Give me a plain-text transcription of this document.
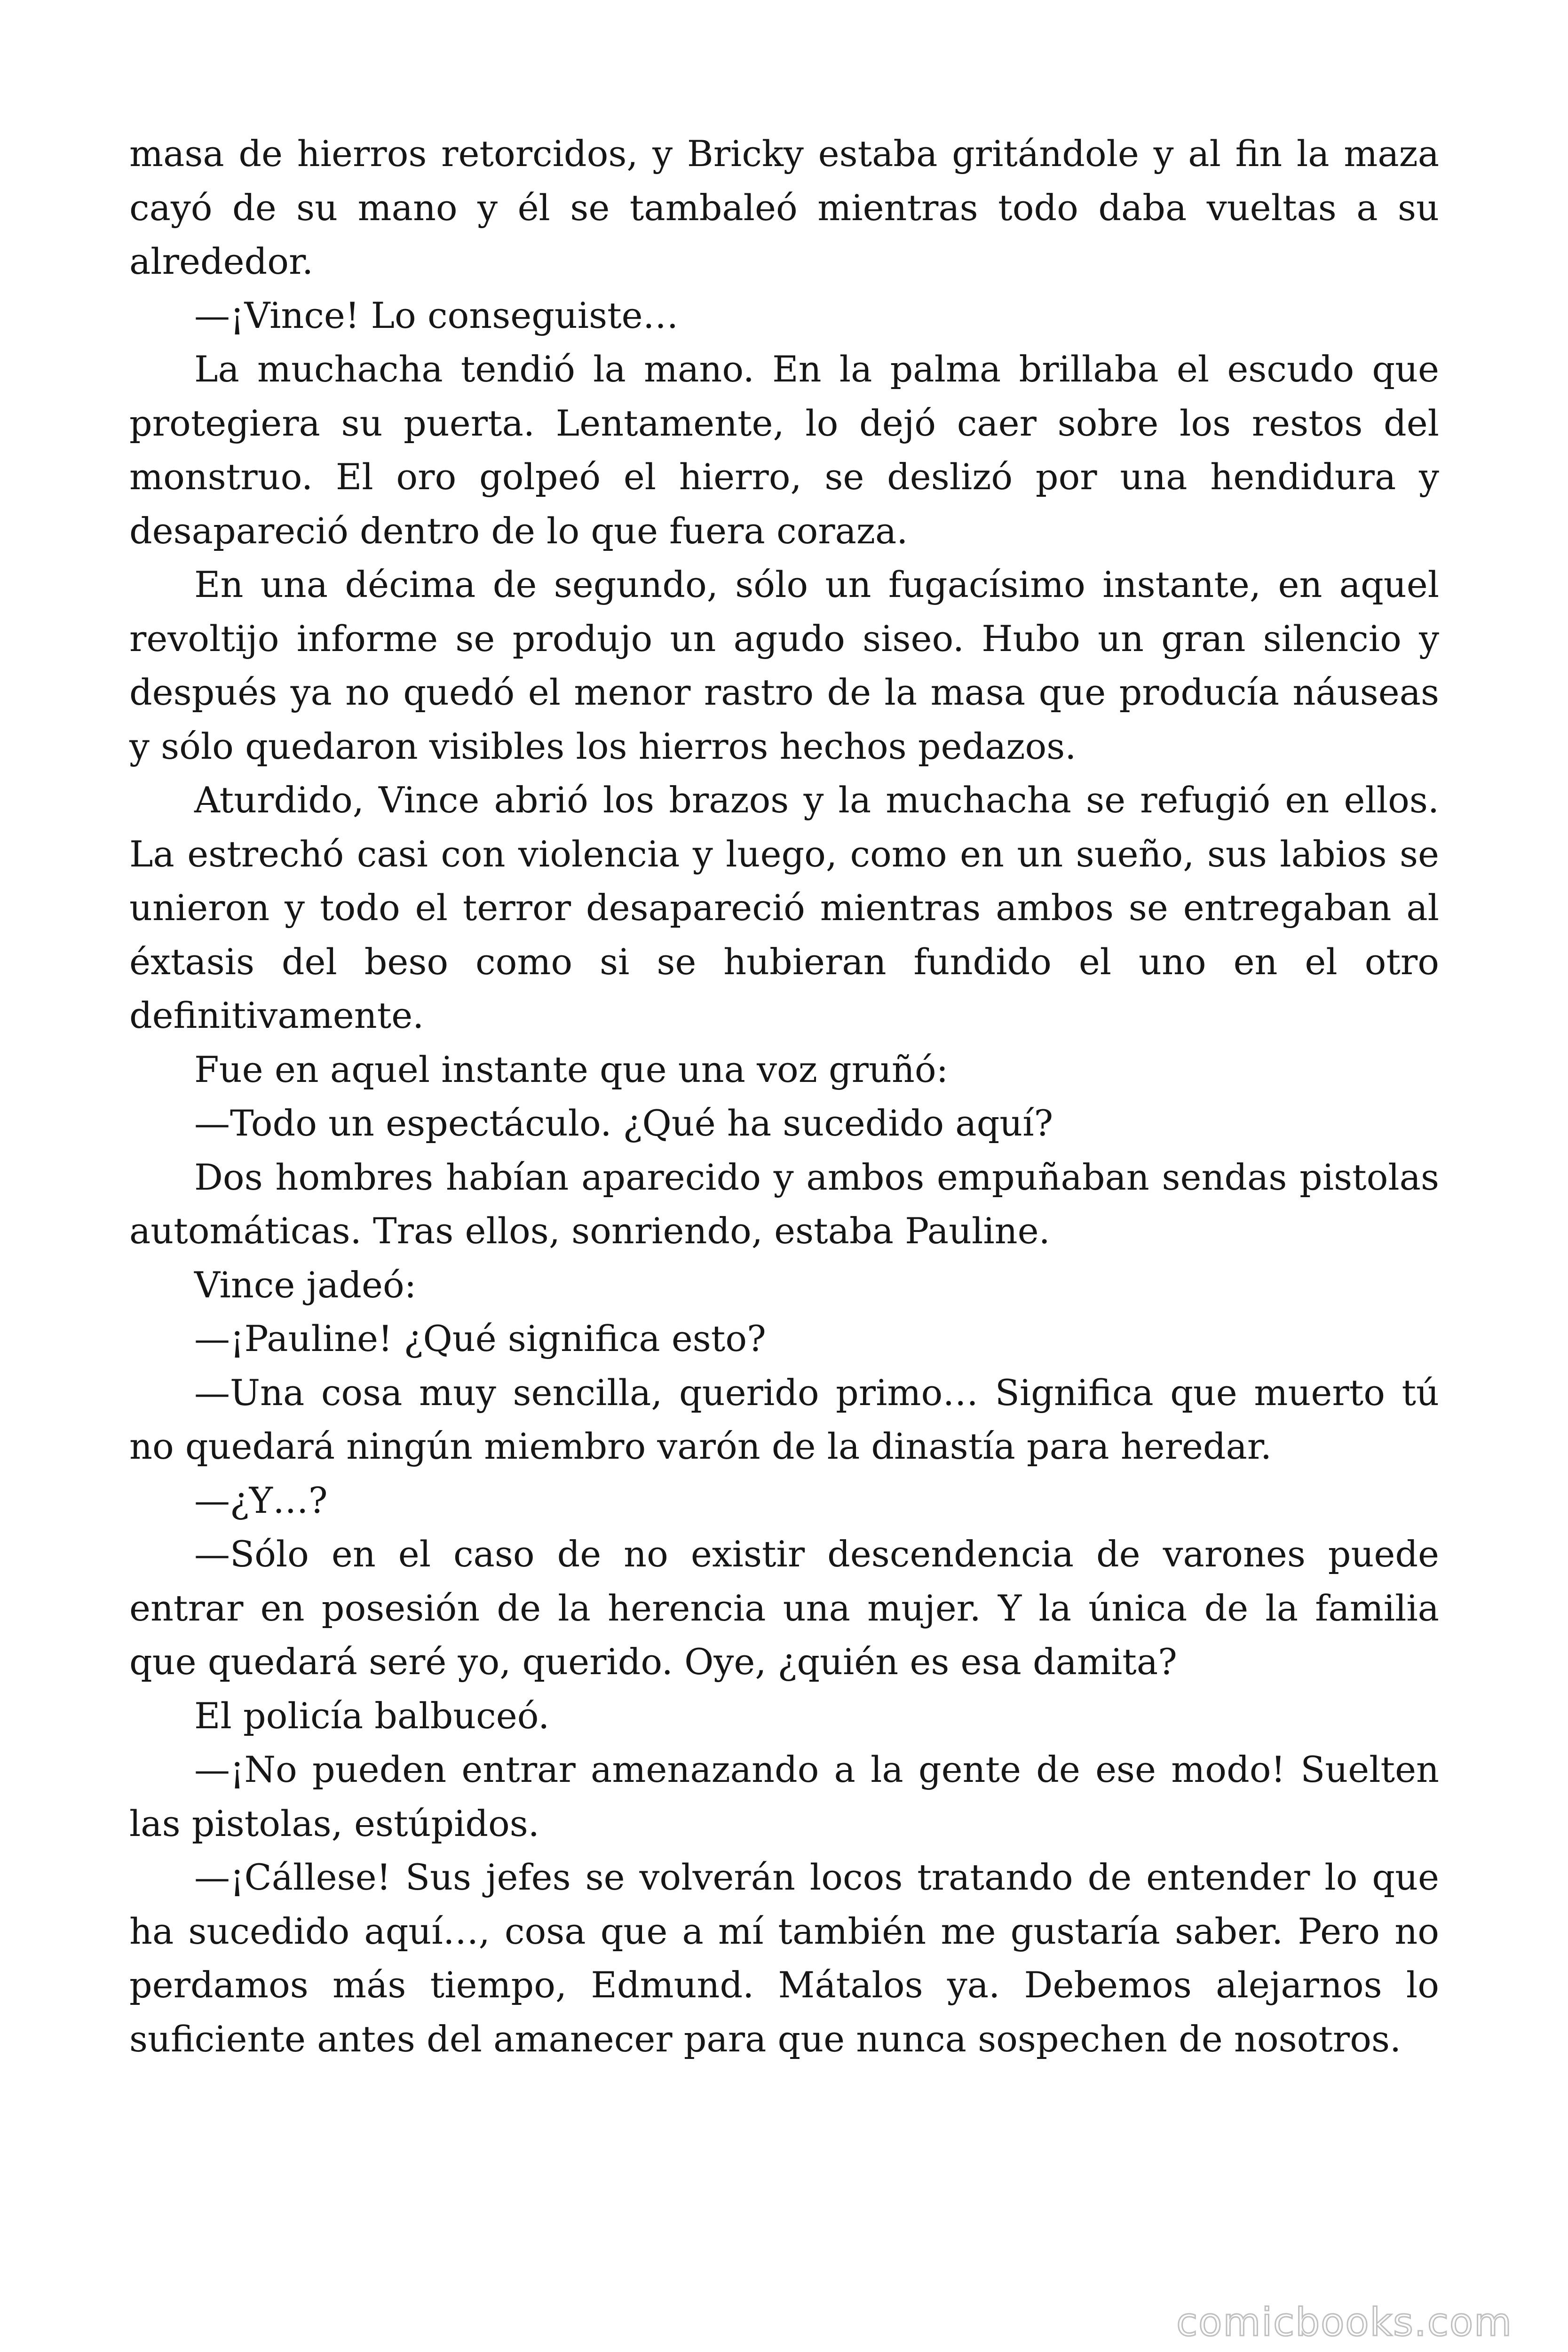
masa de hierros retorcidos, y Bricky estaba gritándole y al fin la maza cayó de su mano y él se tambaleó mientras todo daba vueltas a su alrededor.

—¡Vince! Lo conseguiste…

La muchacha tendió la mano. En la palma brillaba el escudo que protegiera su puerta. Lentamente, lo dejó caer sobre los restos del monstruo. El oro golpeó el hierro, se deslizó por una hendidura y desapareció dentro de lo que fuera coraza.

En una décima de segundo, sólo un fugacísimo instante, en aquel revoltijo informe se produjo un agudo siseo. Hubo un gran silencio y después ya no quedó el menor rastro de la masa que producía náuseas y sólo quedaron visibles los hierros hechos pedazos.

Aturdido, Vince abrió los brazos y la muchacha se refugió en ellos. La estrechó casi con violencia y luego, como en un sueño, sus labios se unieron y todo el terror desapareció mientras ambos se entregaban al éxtasis del beso como si se hubieran fundido el uno en el otro definitivamente.

Fue en aquel instante que una voz gruñó:

—Todo un espectáculo. ¿Qué ha sucedido aquí?

Dos hombres habían aparecido y ambos empuñaban sendas pistolas automáticas. Tras ellos, sonriendo, estaba Pauline.

Vince jadeó:

—¡Pauline! ¿Qué significa esto?

—Una cosa muy sencilla, querido primo… Significa que muerto tú no quedará ningún miembro varón de la dinastía para heredar.

—¿Y…?

—Sólo en el caso de no existir descendencia de varones puede entrar en posesión de la herencia una mujer. Y la única de la familia que quedará seré yo, querido. Oye, ¿quién es esa damita?

El policía balbuceó.

—¡No pueden entrar amenazando a la gente de ese modo! Suelten las pistolas, estúpidos.

—¡Cállese! Sus jefes se volverán locos tratando de entender lo que ha sucedido aquí…, cosa que a mí también me gustaría saber. Pero no perdamos más tiempo, Edmund. Mátalos ya. Debemos alejarnos lo suficiente antes del amanecer para que nunca sospechen de nosotros.

comicbooks.com
